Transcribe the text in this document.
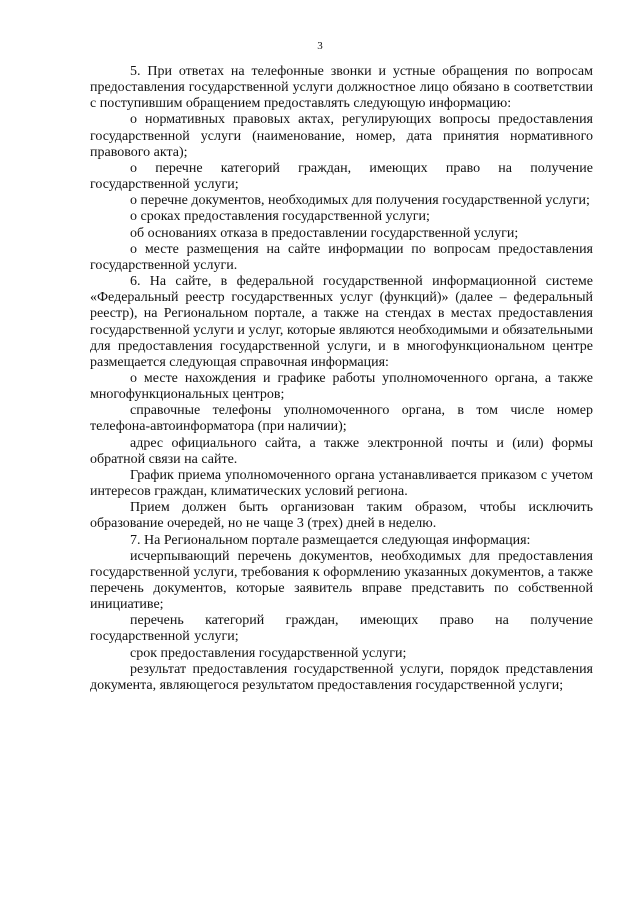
3

5. При ответах на телефонные звонки и устные обращения по вопросам предоставления государственной услуги должностное лицо обязано в соответствии с поступившим обращением предоставлять следующую информацию:

о нормативных правовых актах, регулирующих вопросы предоставления государственной услуги (наименование, номер, дата принятия нормативного правового акта);

о перечне категорий граждан, имеющих право на получение государственной услуги;

о перечне документов, необходимых для получения государственной услуги;

о сроках предоставления государственной услуги;

об основаниях отказа в предоставлении государственной услуги;

о месте размещения на сайте информации по вопросам предоставления государственной услуги.

6. На сайте, в федеральной государственной информационной системе «Федеральный реестр государственных услуг (функций)» (далее – федеральный реестр), на Региональном портале, а также на стендах в местах предоставления государственной услуги и услуг, которые являются необходимыми и обязательными для предоставления государственной услуги, и в многофункциональном центре размещается следующая справочная информация:

о месте нахождения и графике работы уполномоченного органа, а также многофункциональных центров;

справочные телефоны уполномоченного органа, в том числе номер телефона-автоинформатора (при наличии);

адрес официального сайта, а также электронной почты и (или) формы обратной связи на сайте.

График приема уполномоченного органа устанавливается приказом с учетом интересов граждан, климатических условий региона.

Прием должен быть организован таким образом, чтобы исключить образование очередей, но не чаще 3 (трех) дней в неделю.

7. На Региональном портале размещается следующая информация:

исчерпывающий перечень документов, необходимых для предоставления государственной услуги, требования к оформлению указанных документов, а также перечень документов, которые заявитель вправе представить по собственной инициативе;

перечень категорий граждан, имеющих право на получение государственной услуги;

срок предоставления государственной услуги;

результат предоставления государственной услуги, порядок представления документа, являющегося результатом предоставления государственной услуги;
